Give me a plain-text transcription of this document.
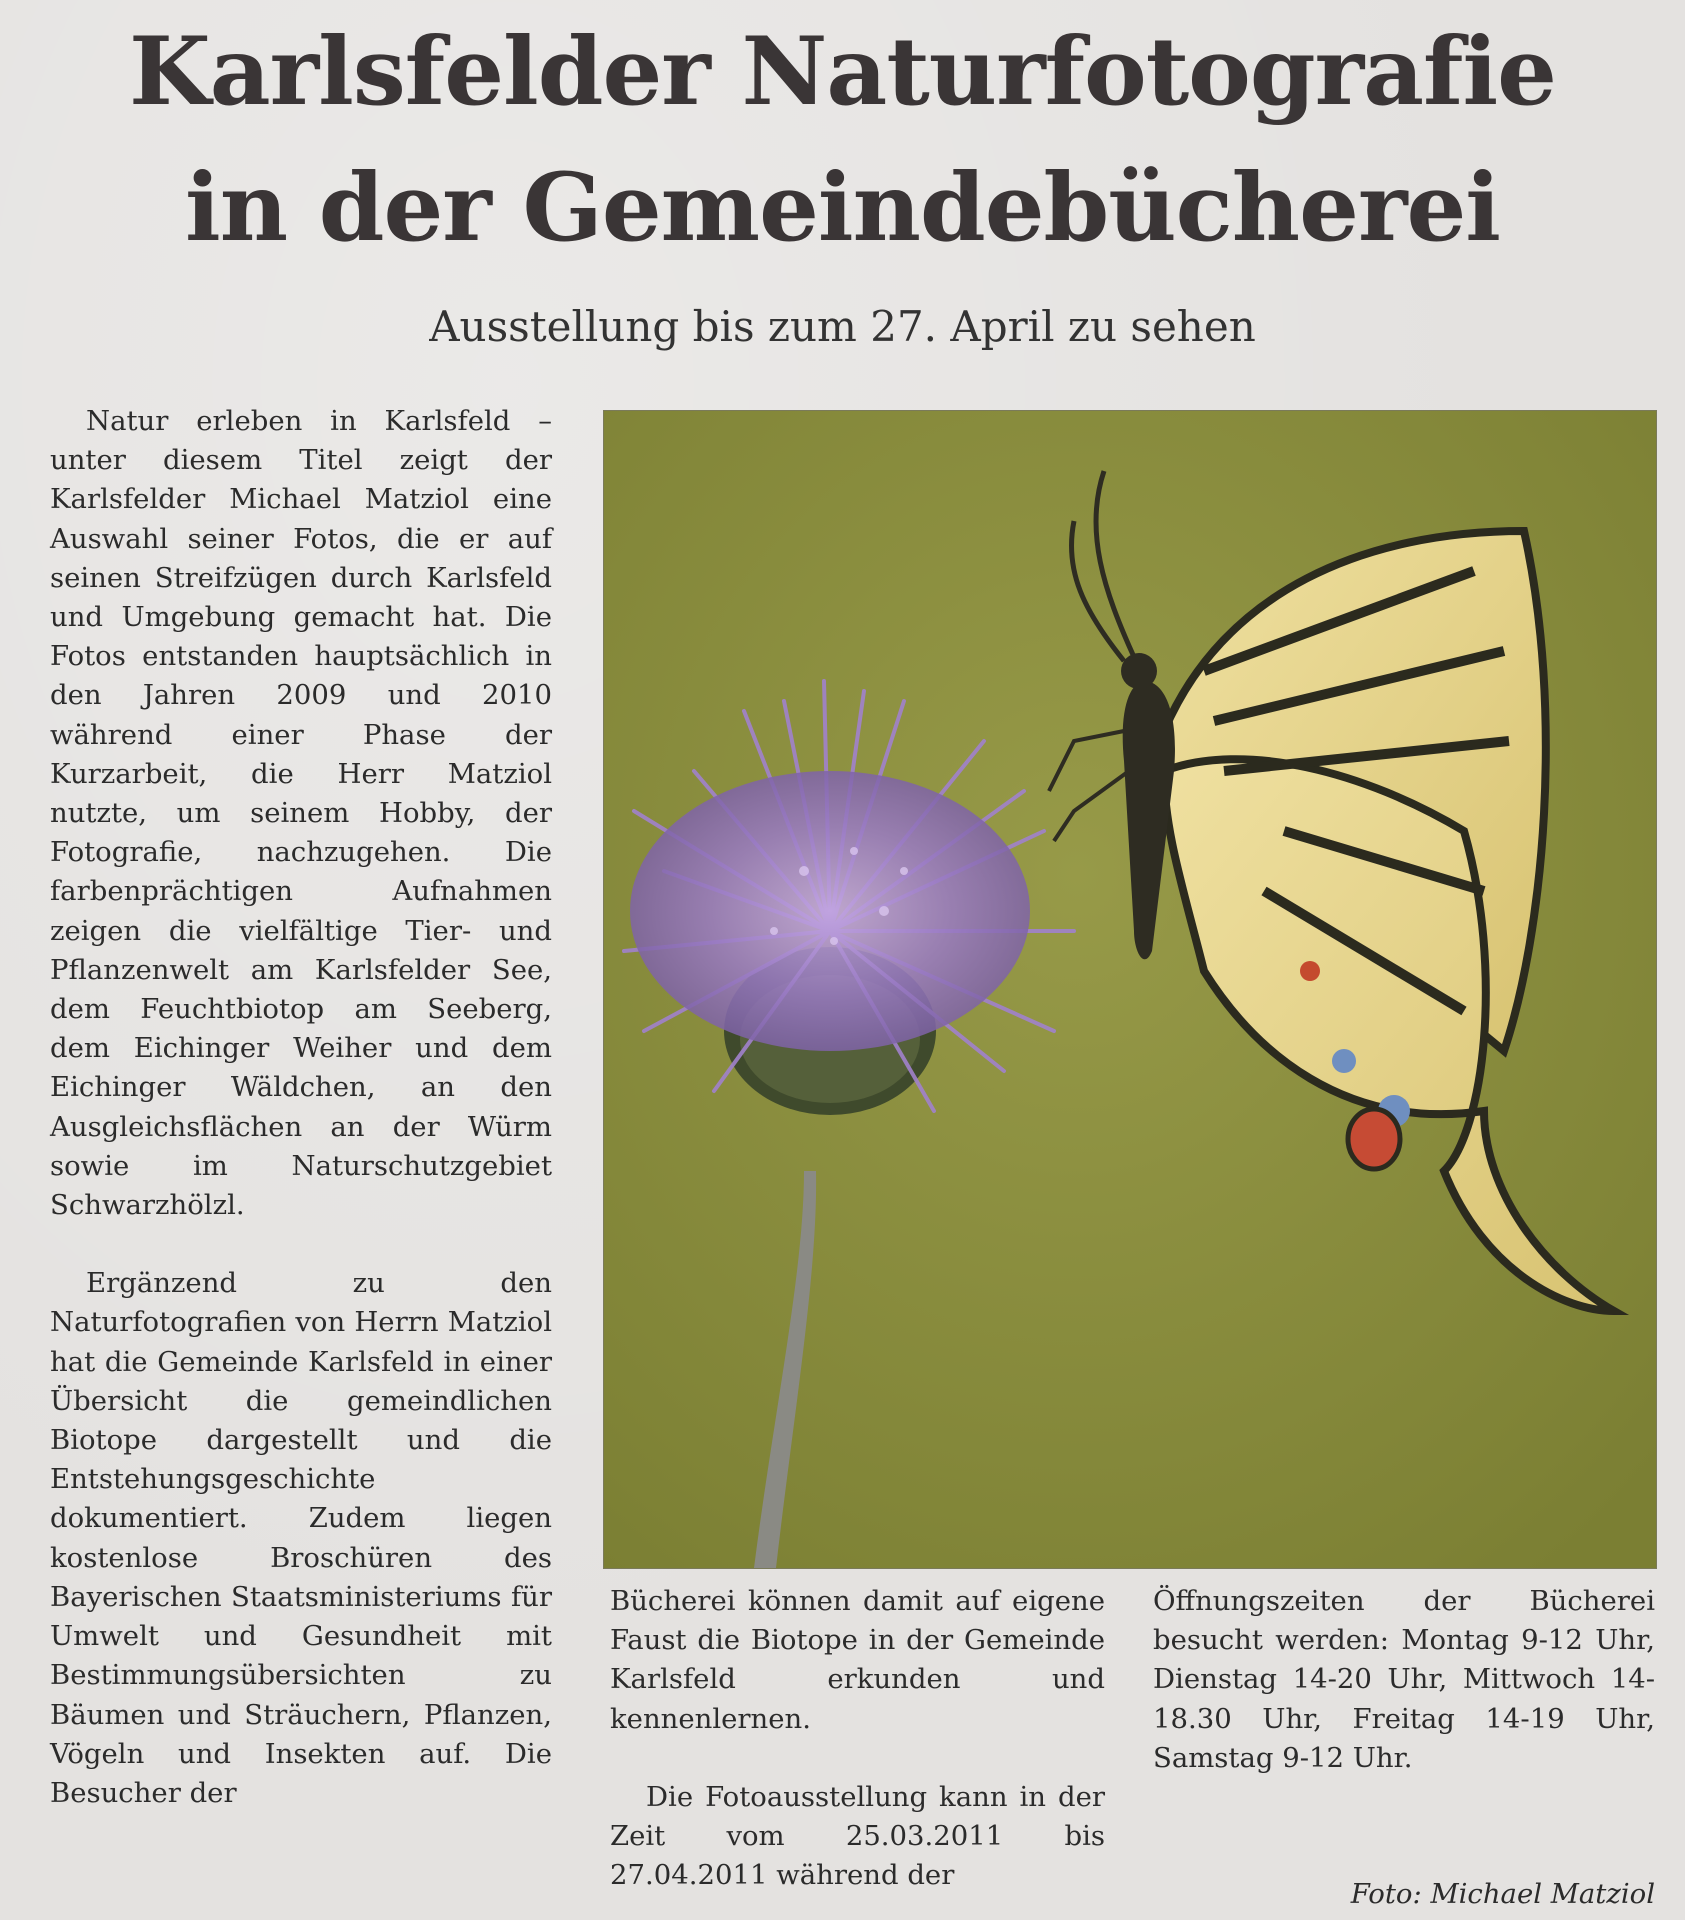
Karlsfelder Naturfotografie
in der Gemeindebücherei
Ausstellung bis zum 27. April zu sehen

Natur erleben in Karlsfeld – unter diesem Titel zeigt der Karlsfelder Michael Matziol eine Auswahl seiner Fotos, die er auf seinen Streifzügen durch Karlsfeld und Umgebung gemacht hat. Die Fotos entstanden hauptsächlich in den Jahren 2009 und 2010 während einer Phase der Kurzarbeit, die Herr Matziol nutzte, um seinem Hobby, der Fotografie, nachzugehen. Die farbenprächtigen Aufnahmen zeigen die vielfältige Tier- und Pflanzenwelt am Karlsfelder See, dem Feuchtbiotop am Seeberg, dem Eichinger Weiher und dem Eichinger Wäldchen, an den Ausgleichsflächen an der Würm sowie im Naturschutzgebiet Schwarzhölzl.

Ergänzend zu den Naturfotografien von Herrn Matziol hat die Gemeinde Karlsfeld in einer Übersicht die gemeindlichen Biotope dargestellt und die Entstehungsgeschichte dokumentiert. Zudem liegen kostenlose Broschüren des Bayerischen Staatsministeriums für Umwelt und Gesundheit mit Bestimmungsübersichten zu Bäumen und Sträuchern, Pflanzen, Vögeln und Insekten auf. Die Besucher der

Bücherei können damit auf eigene Faust die Biotope in der Gemeinde Karlsfeld erkunden und kennenlernen.

Die Fotoausstellung kann in der Zeit vom 25.03.2011 bis 27.04.2011 während der

Öffnungszeiten der Bücherei besucht werden: Montag 9-12 Uhr, Dienstag 14-20 Uhr, Mittwoch 14-18.30 Uhr, Freitag 14-19 Uhr, Samstag 9-12 Uhr.

Foto: Michael Matziol
